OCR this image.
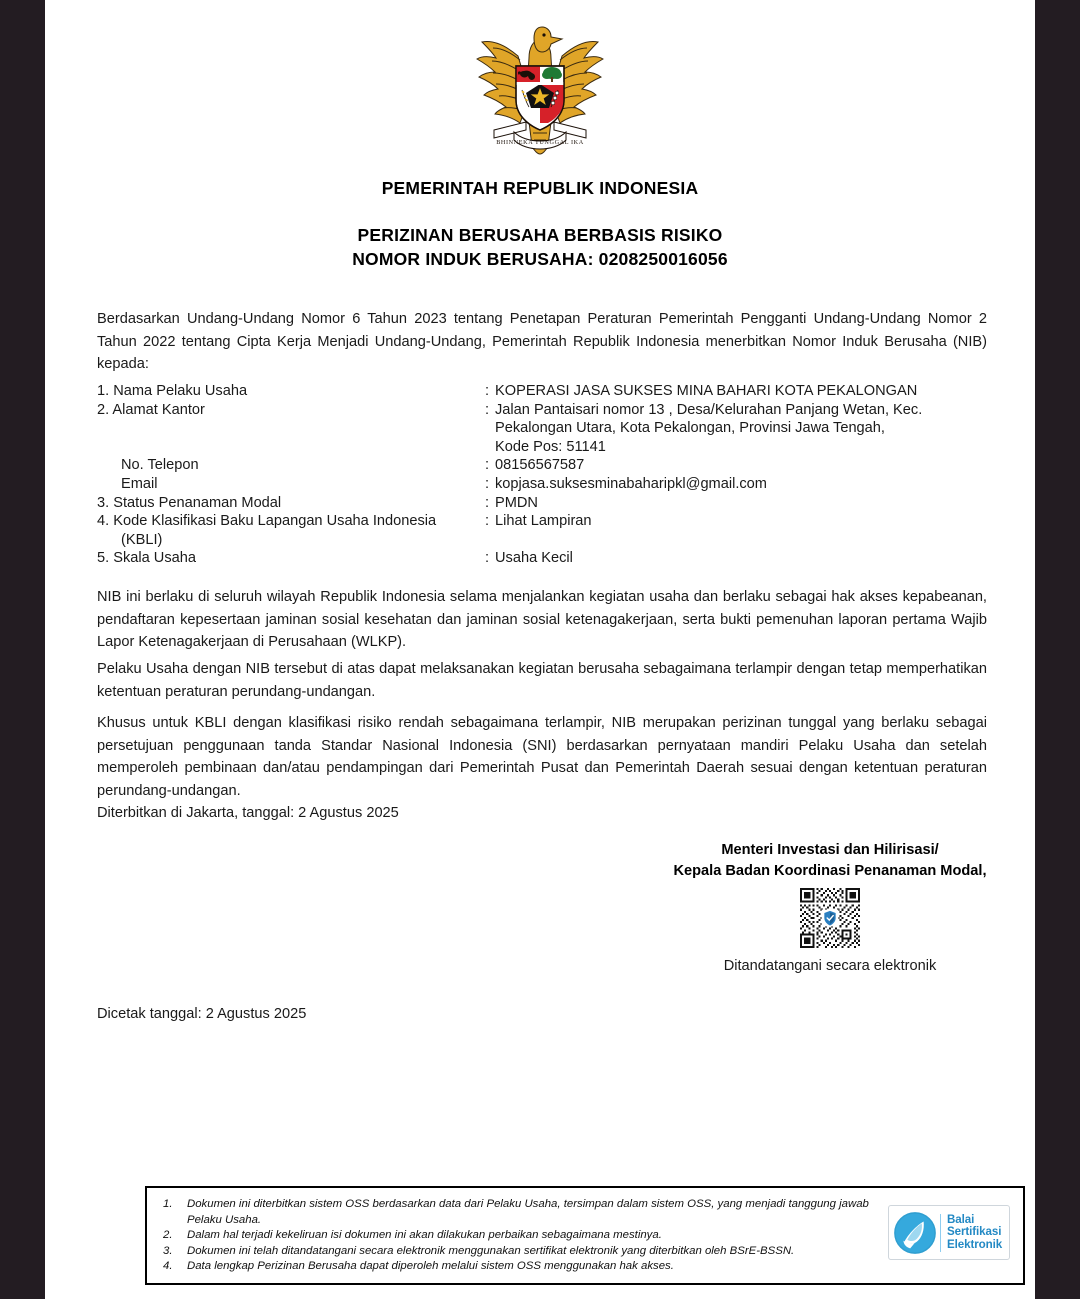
BHINNEKA TUNGGAL IKA
PEMERINTAH REPUBLIK INDONESIA
PERIZINAN BERUSAHA BERBASIS RISIKO
NOMOR INDUK BERUSAHA: 0208250016056
Berdasarkan Undang-Undang Nomor 6 Tahun 2023 tentang Penetapan Peraturan Pemerintah Pengganti Undang-Undang Nomor 2 Tahun 2022 tentang Cipta Kerja Menjadi Undang-Undang, Pemerintah Republik Indonesia menerbitkan Nomor Induk Berusaha (NIB) kepada:
1. Nama Pelaku Usaha	: KOPERASI JASA SUKSES MINA BAHARI KOTA PEKALONGAN
2. Alamat Kantor	: Jalan Pantaisari nomor 13 , Desa/Kelurahan Panjang Wetan, Kec.
Pekalongan Utara, Kota Pekalongan, Provinsi Jawa Tengah,
Kode Pos: 51141
No. Telepon	: 08156567587
Email	: kopjasa.suksesminabaharipkl@gmail.com
3. Status Penanaman Modal	: PMDN
4. Kode Klasifikasi Baku Lapangan Usaha Indonesia	: Lihat Lampiran
(KBLI)
5. Skala Usaha	: Usaha Kecil
NIB ini berlaku di seluruh wilayah Republik Indonesia selama menjalankan kegiatan usaha dan berlaku sebagai hak akses kepabeanan, pendaftaran kepesertaan jaminan sosial kesehatan dan jaminan sosial ketenagakerjaan, serta bukti pemenuhan laporan pertama Wajib Lapor Ketenagakerjaan di Perusahaan (WLKP).
Pelaku Usaha dengan NIB tersebut di atas dapat melaksanakan kegiatan berusaha sebagaimana terlampir dengan tetap memperhatikan ketentuan peraturan perundang-undangan.
Khusus untuk KBLI dengan klasifikasi risiko rendah sebagaimana terlampir, NIB merupakan perizinan tunggal yang berlaku sebagai persetujuan penggunaan tanda Standar Nasional Indonesia (SNI) berdasarkan pernyataan mandiri Pelaku Usaha dan setelah memperoleh pembinaan dan/atau pendampingan dari Pemerintah Pusat dan Pemerintah Daerah sesuai dengan ketentuan peraturan perundang-undangan.
Diterbitkan di Jakarta, tanggal: 2 Agustus 2025
Dicetak tanggal: 2 Agustus 2025
Menteri Investasi dan Hilirisasi/
Kepala Badan Koordinasi Penanaman Modal,
Ditandatangani secara elektronik
1.	Dokumen ini diterbitkan sistem OSS berdasarkan data dari Pelaku Usaha, tersimpan dalam sistem OSS, yang menjadi tanggung jawab Pelaku Usaha.
2.	Dalam hal terjadi kekeliruan isi dokumen ini akan dilakukan perbaikan sebagaimana mestinya.
3.	Dokumen ini telah ditandatangani secara elektronik menggunakan sertifikat elektronik yang diterbitkan oleh BSrE-BSSN.
4.	Data lengkap Perizinan Berusaha dapat diperoleh melalui sistem OSS menggunakan hak akses.
Balai
Sertifikasi
Elektronik
